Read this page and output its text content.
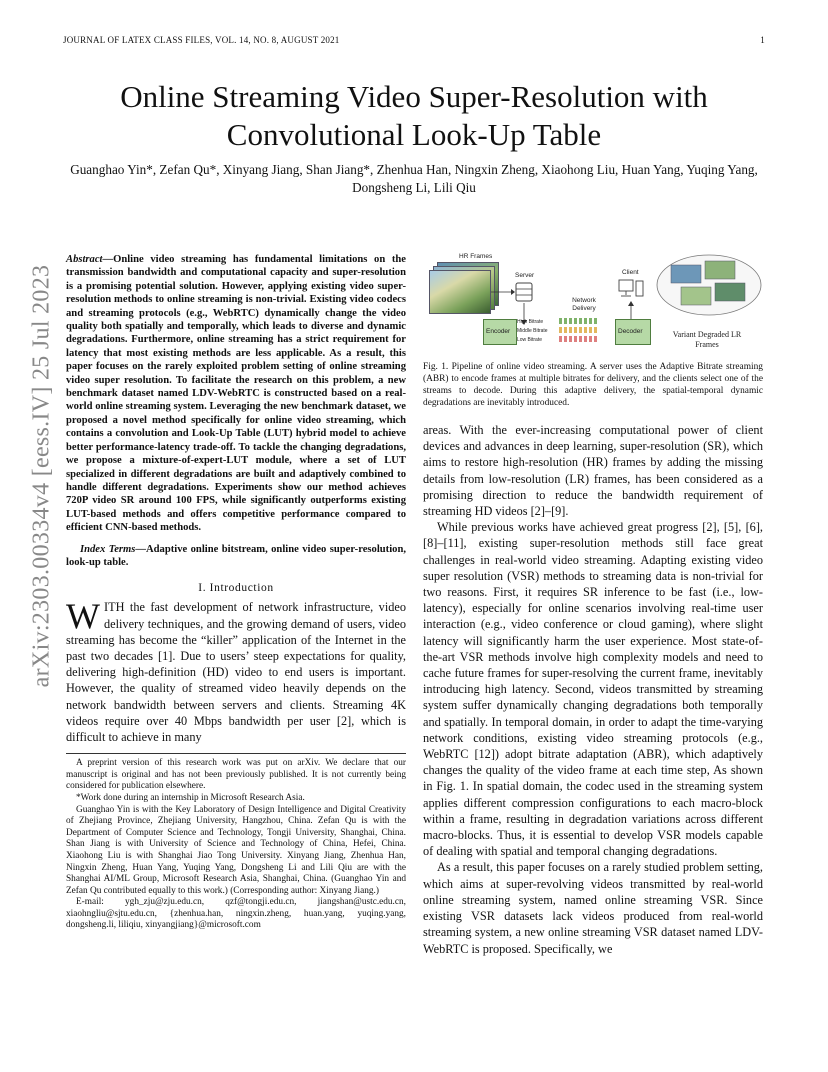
JOURNAL OF LATEX CLASS FILES, VOL. 14, NO. 8, AUGUST 2021	1
Online Streaming Video Super-Resolution with Convolutional Look-Up Table
Guanghao Yin*, Zefan Qu*, Xinyang Jiang, Shan Jiang*, Zhenhua Han, Ningxin Zheng, Xiaohong Liu, Huan Yang, Yuqing Yang, Dongsheng Li, Lili Qiu
arXiv:2303.00334v4 [eess.IV] 25 Jul 2023
Abstract—Online video streaming has fundamental limitations on the transmission bandwidth and computational capacity and super-resolution is a promising potential solution. However, applying existing video super-resolution methods to online streaming is non-trivial. Existing video codecs and streaming protocols (e.g., WebRTC) dynamically change the video quality both spatially and temporally, which leads to diverse and dynamic degradations. Furthermore, online streaming has a strict requirement for latency that most existing methods are less applicable. As a result, this paper focuses on the rarely exploited problem setting of online streaming video super resolution. To facilitate the research on this problem, a new benchmark dataset named LDV-WebRTC is constructed based on a real-world online streaming system. Leveraging the new benchmark dataset, we proposed a novel method specifically for online video streaming, which contains a convolution and Look-Up Table (LUT) hybrid model to achieve better performance-latency trade-off. To tackle the changing degradations, we propose a mixture-of-expert-LUT module, where a set of LUT specialized in different degradations are built and adaptively combined to handle different degradations. Experiments show our method achieves 720P video SR around 100 FPS, while significantly outperforms existing LUT-based methods and offers competitive performance compared to efficient CNN-based methods.
Index Terms—Adaptive online bitstream, online video super-resolution, look-up table.
I. Introduction
WITH the fast development of network infrastructure, video delivery techniques, and the growing demand of users, video streaming has become the “killer” application of the Internet in the past two decades [1]. Due to users’ steep expectations for quality, delivering high-definition (HD) video to end users is important. However, the quality of streamed video heavily depends on the network bandwidth between servers and clients. Streaming 4K videos require over 40 Mbps bandwidth per user [2], which is difficult to achieve in many

A preprint version of this research work was put on arXiv. We declare that our manuscript is original and has not been previously published. It is not currently being considered for publication elsewhere.

*Work done during an internship in Microsoft Research Asia.

Guanghao Yin is with the Key Laboratory of Design Intelligence and Digital Creativity of Zhejiang Province, Zhejiang University, Hangzhou, China. Zefan Qu is with the Department of Computer Science and Technology, Tongji University, Shanghai, China. Shan Jiang is with University of Science and Technology of China, Hefei, China. Xiaohong Liu is with Shanghai Jiao Tong University. Xinyang Jiang, Zhenhua Han, Ningxin Zheng, Huan Yang, Yuqing Yang, Dongsheng Li and Lili Qiu are with the Shanghai AI/ML Group, Microsoft Research Asia, Shanghai, China. (Guanghao Yin and Zefan Qu contributed equally to this work.) (Corresponding author: Xinyang Jiang.)

E-mail: ygh_zju@zju.edu.cn, qzf@tongji.edu.cn, jiangshan@ustc.edu.cn, xiaohngliu@sjtu.edu.cn, {zhenhua.han, ningxin.zheng, huan.yang, yuqing.yang, dongsheng.li, liliqiu, xinyangjiang}@microsoft.com

HR Frames
Server
Encoder
High Bitrate
Middle Bitrate
Low Bitrate
Network Delivery
Client
Decoder	Variant Degraded LR Frames
Fig. 1. Pipeline of online video streaming. A server uses the Adaptive Bitrate streaming (ABR) to encode frames at multiple bitrates for delivery, and the clients select one of the streams to decode. During this adaptive delivery, the spatial-temporal dynamic degradations are inevitably introduced.

areas. With the ever-increasing computational power of client devices and advances in deep learning, super-resolution (SR), which aims to restore high-resolution (HR) frames by adding the missing details from low-resolution (LR) frames, has been considered as a promising direction to reduce the bandwidth requirement of streaming HD videos [2]–[9].

While previous works have achieved great progress [2], [5], [6], [8]–[11], existing super-resolution methods still face great challenges in real-world video streaming. Adapting existing video super resolution (VSR) methods to streaming data is non-trivial for two reasons. First, it requires SR inference to be fast (i.e., low-latency), especially for online scenarios involving real-time user interaction (e.g., video conference or cloud gaming), where slight latency will significantly harm the user experience. Most state-of-the-art VSR methods involve high complexity models and need to cache future frames for super-resolving the current frame, inevitably introducing high latency. Second, videos transmitted by streaming system suffer dynamically changing degradations both temporally and spatially. In temporal domain, in order to adapt the time-varying network conditions, existing video streaming protocols (e.g., WebRTC [12]) adopt bitrate adaptation (ABR), which adaptively changes the quality of the video frame at each time step, As shown in Fig. 1. In spatial domain, the codec used in the streaming system applies different compression configurations to each macro-block within a frame, resulting in degradation variations across different macro-blocks. Thus, it is essential to develop VSR models capable of dealing with spatial and temporal changing degradations.

As a result, this paper focuses on a rarely studied problem setting, which aims at super-revolving videos transmitted by real-world online streaming system, named online streaming VSR. Since existing VSR datasets lack videos produced from real-world streaming system, a new online streaming VSR dataset named LDV-WebRTC is proposed. Specifically, we
